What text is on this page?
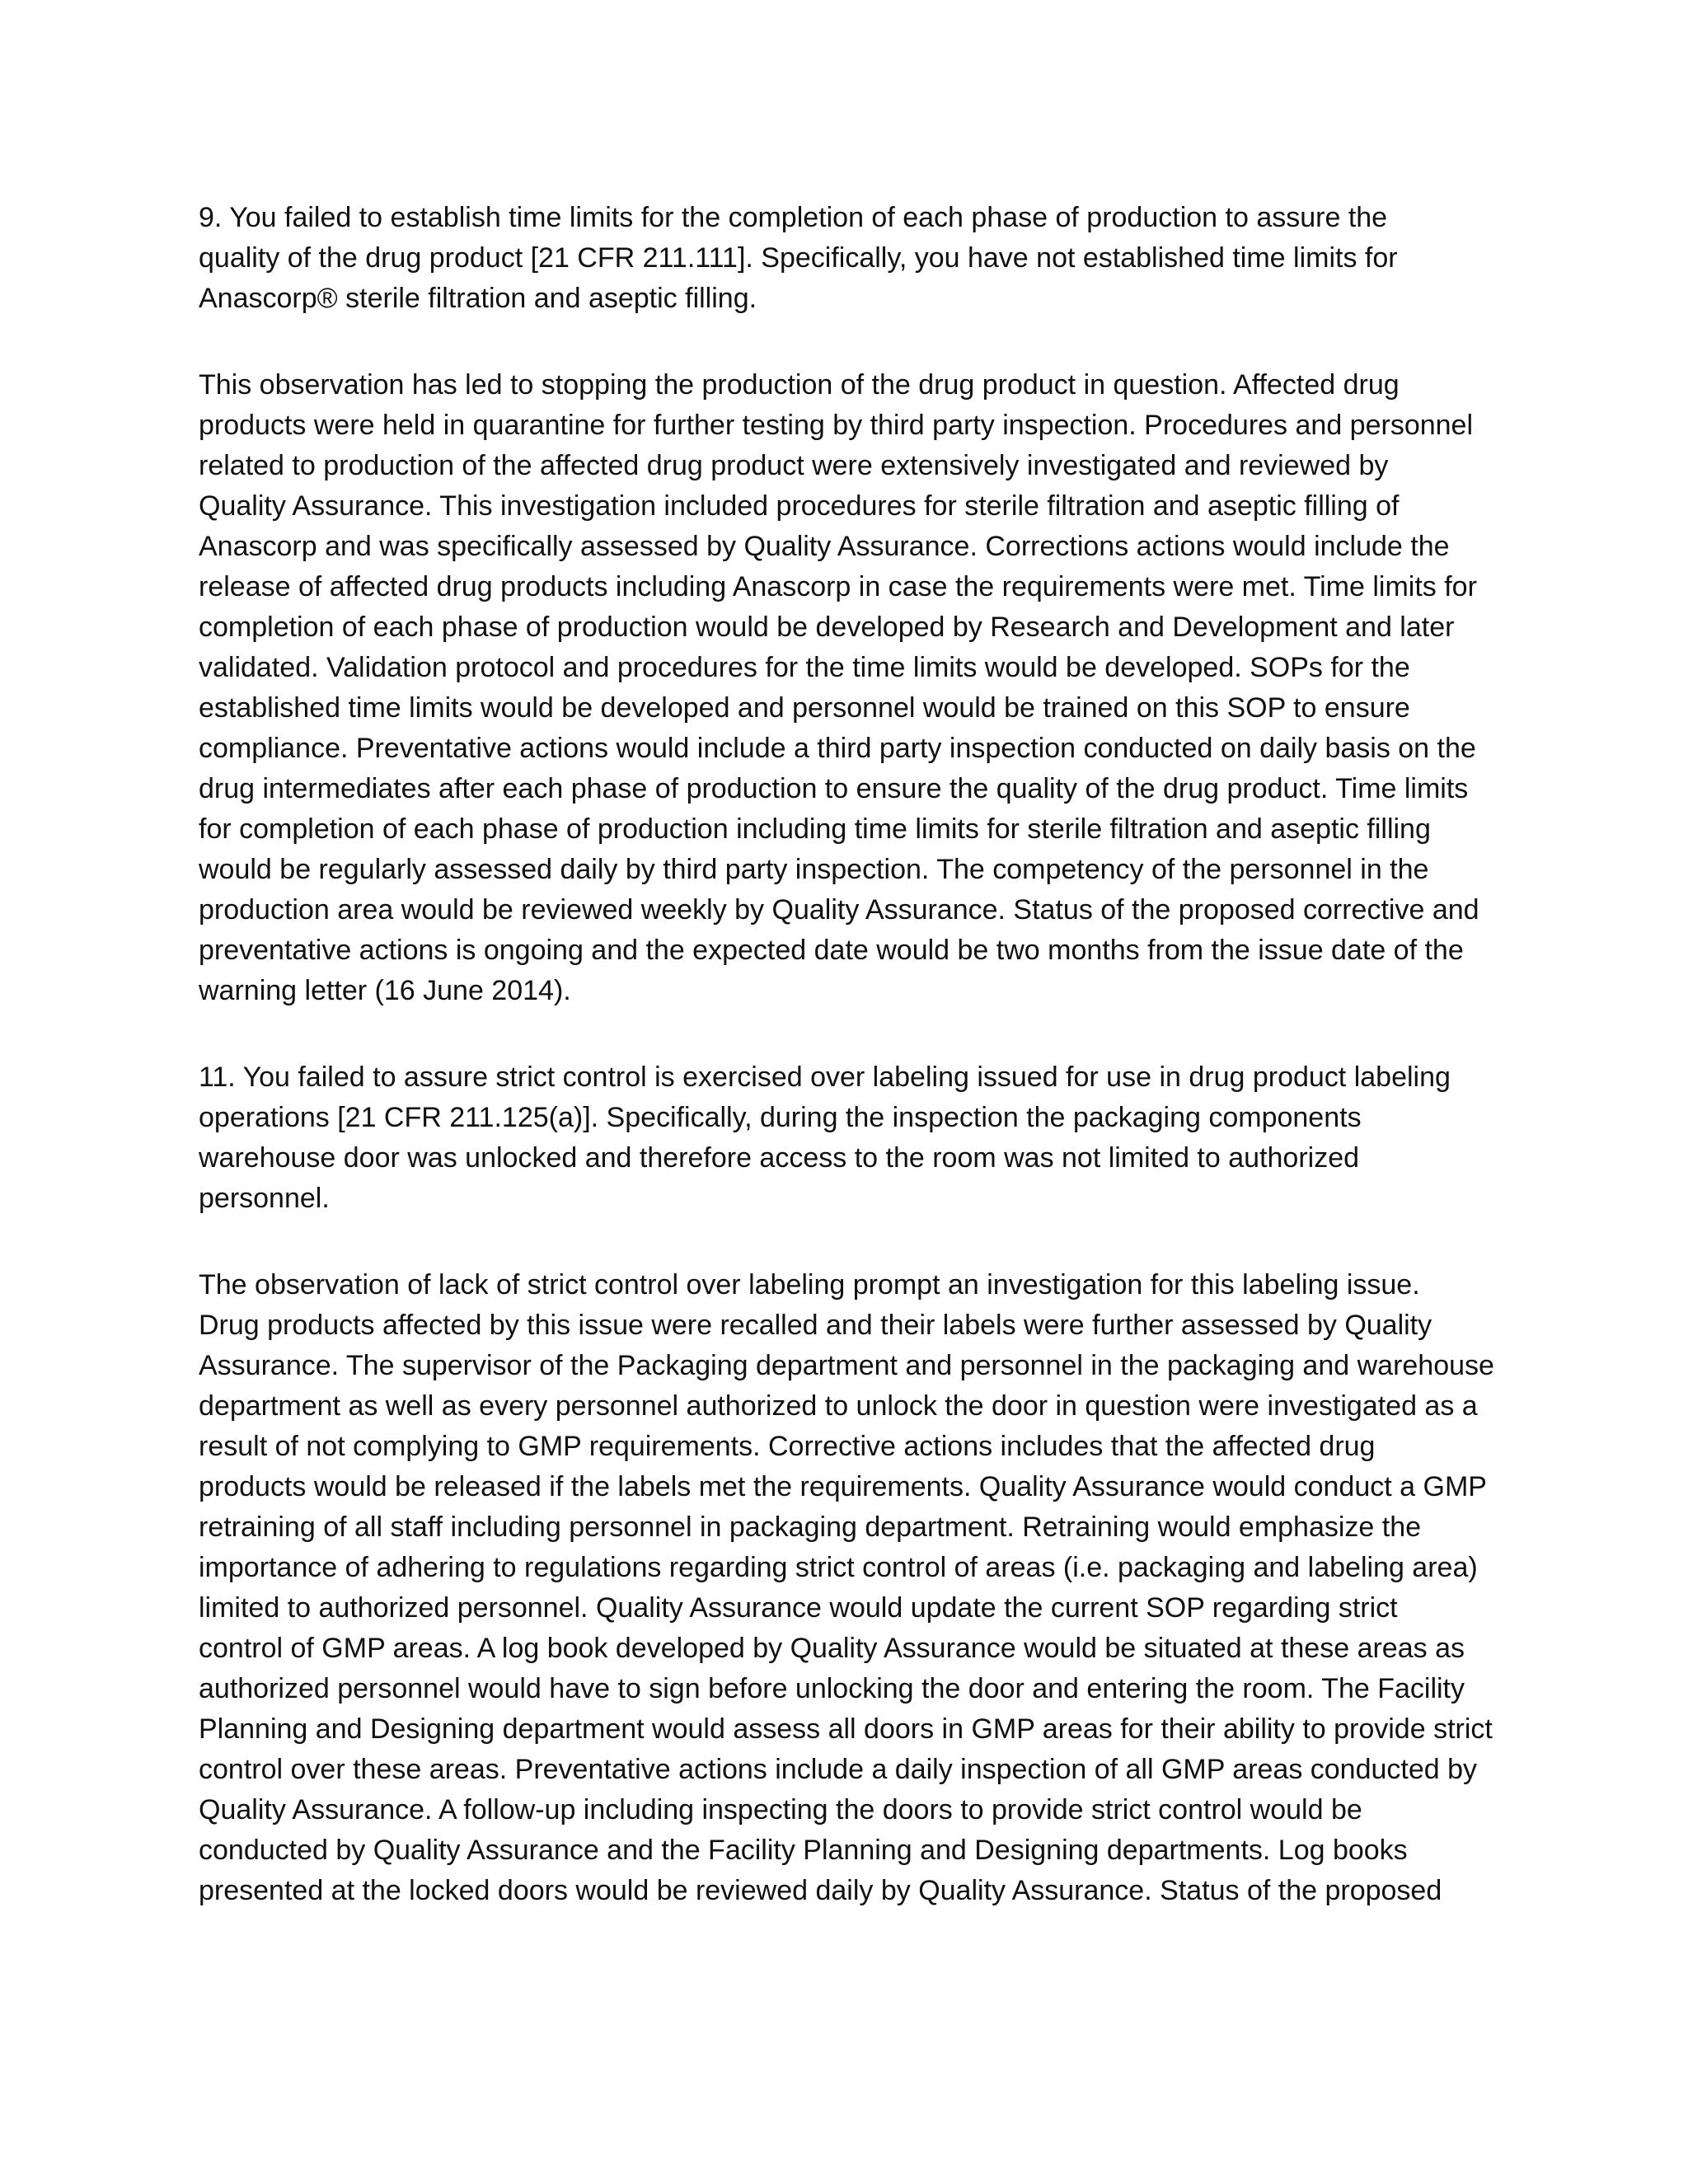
9. You failed to establish time limits for the completion of each phase of production to assure the
quality of the drug product [21 CFR 211.111]. Specifically, you have not established time limits for
Anascorp® sterile filtration and aseptic filling.
This observation has led to stopping the production of the drug product in question. Affected drug
products were held in quarantine for further testing by third party inspection. Procedures and personnel
related to production of the affected drug product were extensively investigated and reviewed by
Quality Assurance. This investigation included procedures for sterile filtration and aseptic filling of
Anascorp and was specifically assessed by Quality Assurance. Corrections actions would include the
release of affected drug products including Anascorp in case the requirements were met. Time limits for
completion of each phase of production would be developed by Research and Development and later
validated. Validation protocol and procedures for the time limits would be developed. SOPs for the
established time limits would be developed and personnel would be trained on this SOP to ensure
compliance. Preventative actions would include a third party inspection conducted on daily basis on the
drug intermediates after each phase of production to ensure the quality of the drug product. Time limits
for completion of each phase of production including time limits for sterile filtration and aseptic filling
would be regularly assessed daily by third party inspection. The competency of the personnel in the
production area would be reviewed weekly by Quality Assurance. Status of the proposed corrective and
preventative actions is ongoing and the expected date would be two months from the issue date of the
warning letter (16 June 2014).
11. You failed to assure strict control is exercised over labeling issued for use in drug product labeling
operations [21 CFR 211.125(a)]. Specifically, during the inspection the packaging components
warehouse door was unlocked and therefore access to the room was not limited to authorized
personnel.
The observation of lack of strict control over labeling prompt an investigation for this labeling issue.
Drug products affected by this issue were recalled and their labels were further assessed by Quality
Assurance. The supervisor of the Packaging department and personnel in the packaging and warehouse
department as well as every personnel authorized to unlock the door in question were investigated as a
result of not complying to GMP requirements. Corrective actions includes that the affected drug
products would be released if the labels met the requirements. Quality Assurance would conduct a GMP
retraining of all staff including personnel in packaging department. Retraining would emphasize the
importance of adhering to regulations regarding strict control of areas (i.e. packaging and labeling area)
limited to authorized personnel. Quality Assurance would update the current SOP regarding strict
control of GMP areas. A log book developed by Quality Assurance would be situated at these areas as
authorized personnel would have to sign before unlocking the door and entering the room. The Facility
Planning and Designing department would assess all doors in GMP areas for their ability to provide strict
control over these areas. Preventative actions include a daily inspection of all GMP areas conducted by
Quality Assurance. A follow-up including inspecting the doors to provide strict control would be
conducted by Quality Assurance and the Facility Planning and Designing departments. Log books
presented at the locked doors would be reviewed daily by Quality Assurance. Status of the proposed
